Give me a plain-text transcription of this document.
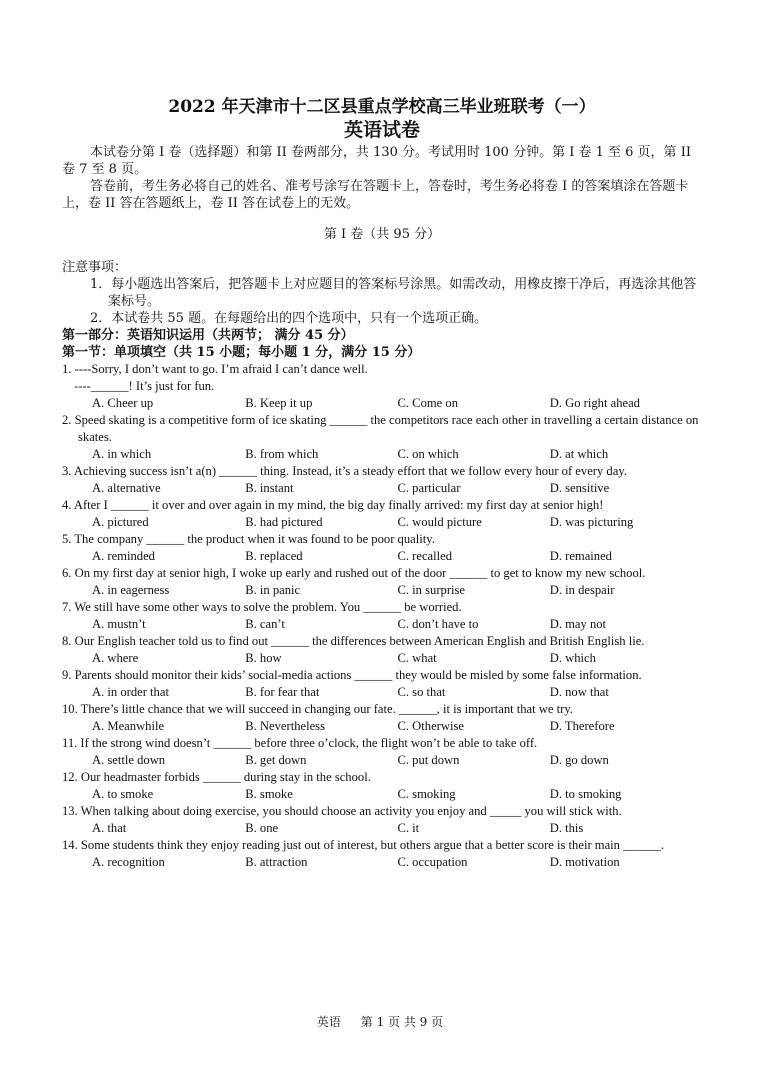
2022 年天津市十二区县重点学校高三毕业班联考（一）

英语试卷

本试卷分第 I 卷（选择题）和第 II 卷两部分，共 130 分。考试用时 100 分钟。第 I 卷 1 至 6 页，第 II 卷 7 至 8 页。

答卷前，考生务必将自己的姓名、准考号涂写在答题卡上，答卷时，考生务必将卷 I 的答案填涂在答题卡上，卷 II 答在答题纸上，卷 II 答在试卷上的无效。

第 I 卷（共 95 分）

注意事项：

1．每小题选出答案后，把答题卡上对应题目的答案标号涂黑。如需改动，用橡皮擦干净后，再选涂其他答案标号。

2．本试卷共 55 题。在每题给出的四个选项中，只有一个选项正确。

第一部分：英语知识运用（共两节； 满分 45 分）

第一节：单项填空（共 15 小题；每小题 1 分，满分 15 分）

1. ----Sorry, I don’t want to go. I’m afraid I can’t dance well.
----______! It’s just for fun.
A. Cheer up	B. Keep it up	C. Come on	D. Go right ahead
2. Speed skating is a competitive form of ice skating ______ the competitors race each other in travelling a certain distance on skates.
A. in which	B. from which	C. on which	D. at which
3. Achieving success isn’t a(n) ______ thing. Instead, it’s a steady effort that we follow every hour of every day.
A. alternative	B. instant	C. particular	D. sensitive
4. After I ______ it over and over again in my mind, the big day finally arrived: my first day at senior high!
A. pictured	B. had pictured	C. would picture	D. was picturing
5. The company ______ the product when it was found to be poor quality.
A. reminded	B. replaced	C. recalled	D. remained
6. On my first day at senior high, I woke up early and rushed out of the door ______ to get to know my new school.
A. in eagerness	B. in panic	C. in surprise	D. in despair
7. We still have some other ways to solve the problem. You ______ be worried.
A. mustn’t	B. can’t	C. don’t have to	D. may not
8. Our English teacher told us to find out ______ the differences between American English and British English lie.
A. where	B. how	C. what	D. which
9. Parents should monitor their kids’ social-media actions ______ they would be misled by some false information.
A. in order that	B. for fear that	C. so that	D. now that
10. There’s little chance that we will succeed in changing our fate. ______, it is important that we try.
A. Meanwhile	B. Nevertheless	C. Otherwise	D. Therefore
11. If the strong wind doesn’t ______ before three o’clock, the flight won’t be able to take off.
A. settle down	B. get down	C. put down	D. go down
12. Our headmaster forbids ______ during stay in the school.
A. to smoke	B. smoke	C. smoking	D. to smoking
13. When talking about doing exercise, you should choose an activity you enjoy and _____ you will stick with.
A. that	B. one	C. it	D. this
14. Some students think they enjoy reading just out of interest, but others argue that a better score is their main ______.
A. recognition	B. attraction	C. occupation	D. motivation
英语 第 1 页 共 9 页
